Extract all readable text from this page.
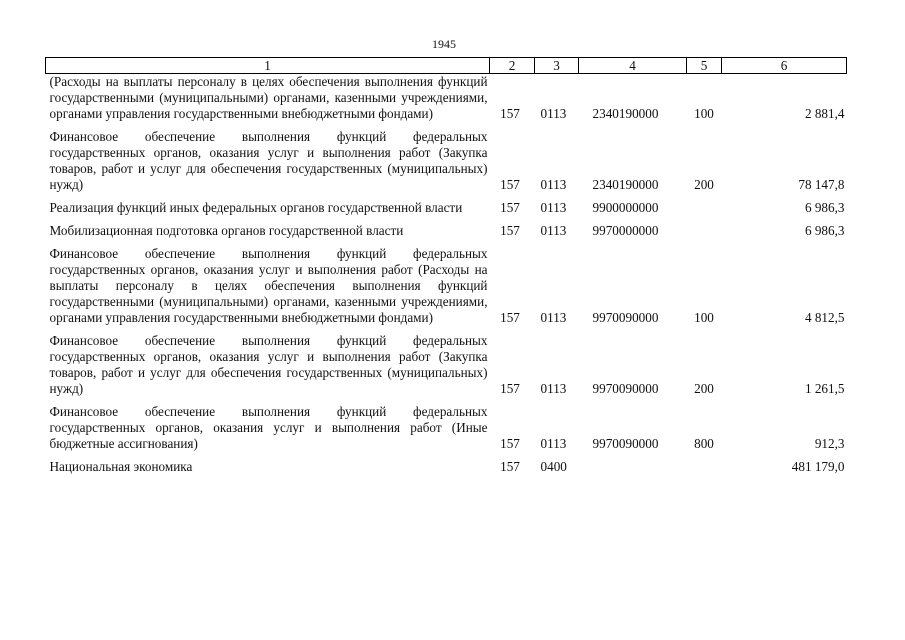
1945
1	2	3	4	5	6
(Расходы на выплаты персоналу в целях обеспечения выполнения функций государственными (муниципальными) органами, казенными учреждениями, органами управления государственными внебюджетными фондами)	157	0113	2340190000	100	2 881,4

Финансовое обеспечение выполнения функций федеральных государственных органов, оказания услуг и выполнения работ (Закупка товаров, работ и услуг для обеспечения государственных (муниципальных) нужд)	157	0113	2340190000	200	78 147,8

Реализация функций иных федеральных органов государственной власти	157	0113	9900000000		6 986,3

Мобилизационная подготовка органов государственной власти	157	0113	9970000000		6 986,3

Финансовое обеспечение выполнения функций федеральных государственных органов, оказания услуг и выполнения работ (Расходы на выплаты персоналу в целях обеспечения выполнения функций государственными (муниципальными) органами, казенными учреждениями, органами управления государственными внебюджетными фондами)	157	0113	9970090000	100	4 812,5

Финансовое обеспечение выполнения функций федеральных государственных органов, оказания услуг и выполнения работ (Закупка товаров, работ и услуг для обеспечения государственных (муниципальных) нужд)	157	0113	9970090000	200	1 261,5

Финансовое обеспечение выполнения функций федеральных государственных органов, оказания услуг и выполнения работ (Иные бюджетные ассигнования)	157	0113	9970090000	800	912,3

Национальная экономика	157	0400			481 179,0
